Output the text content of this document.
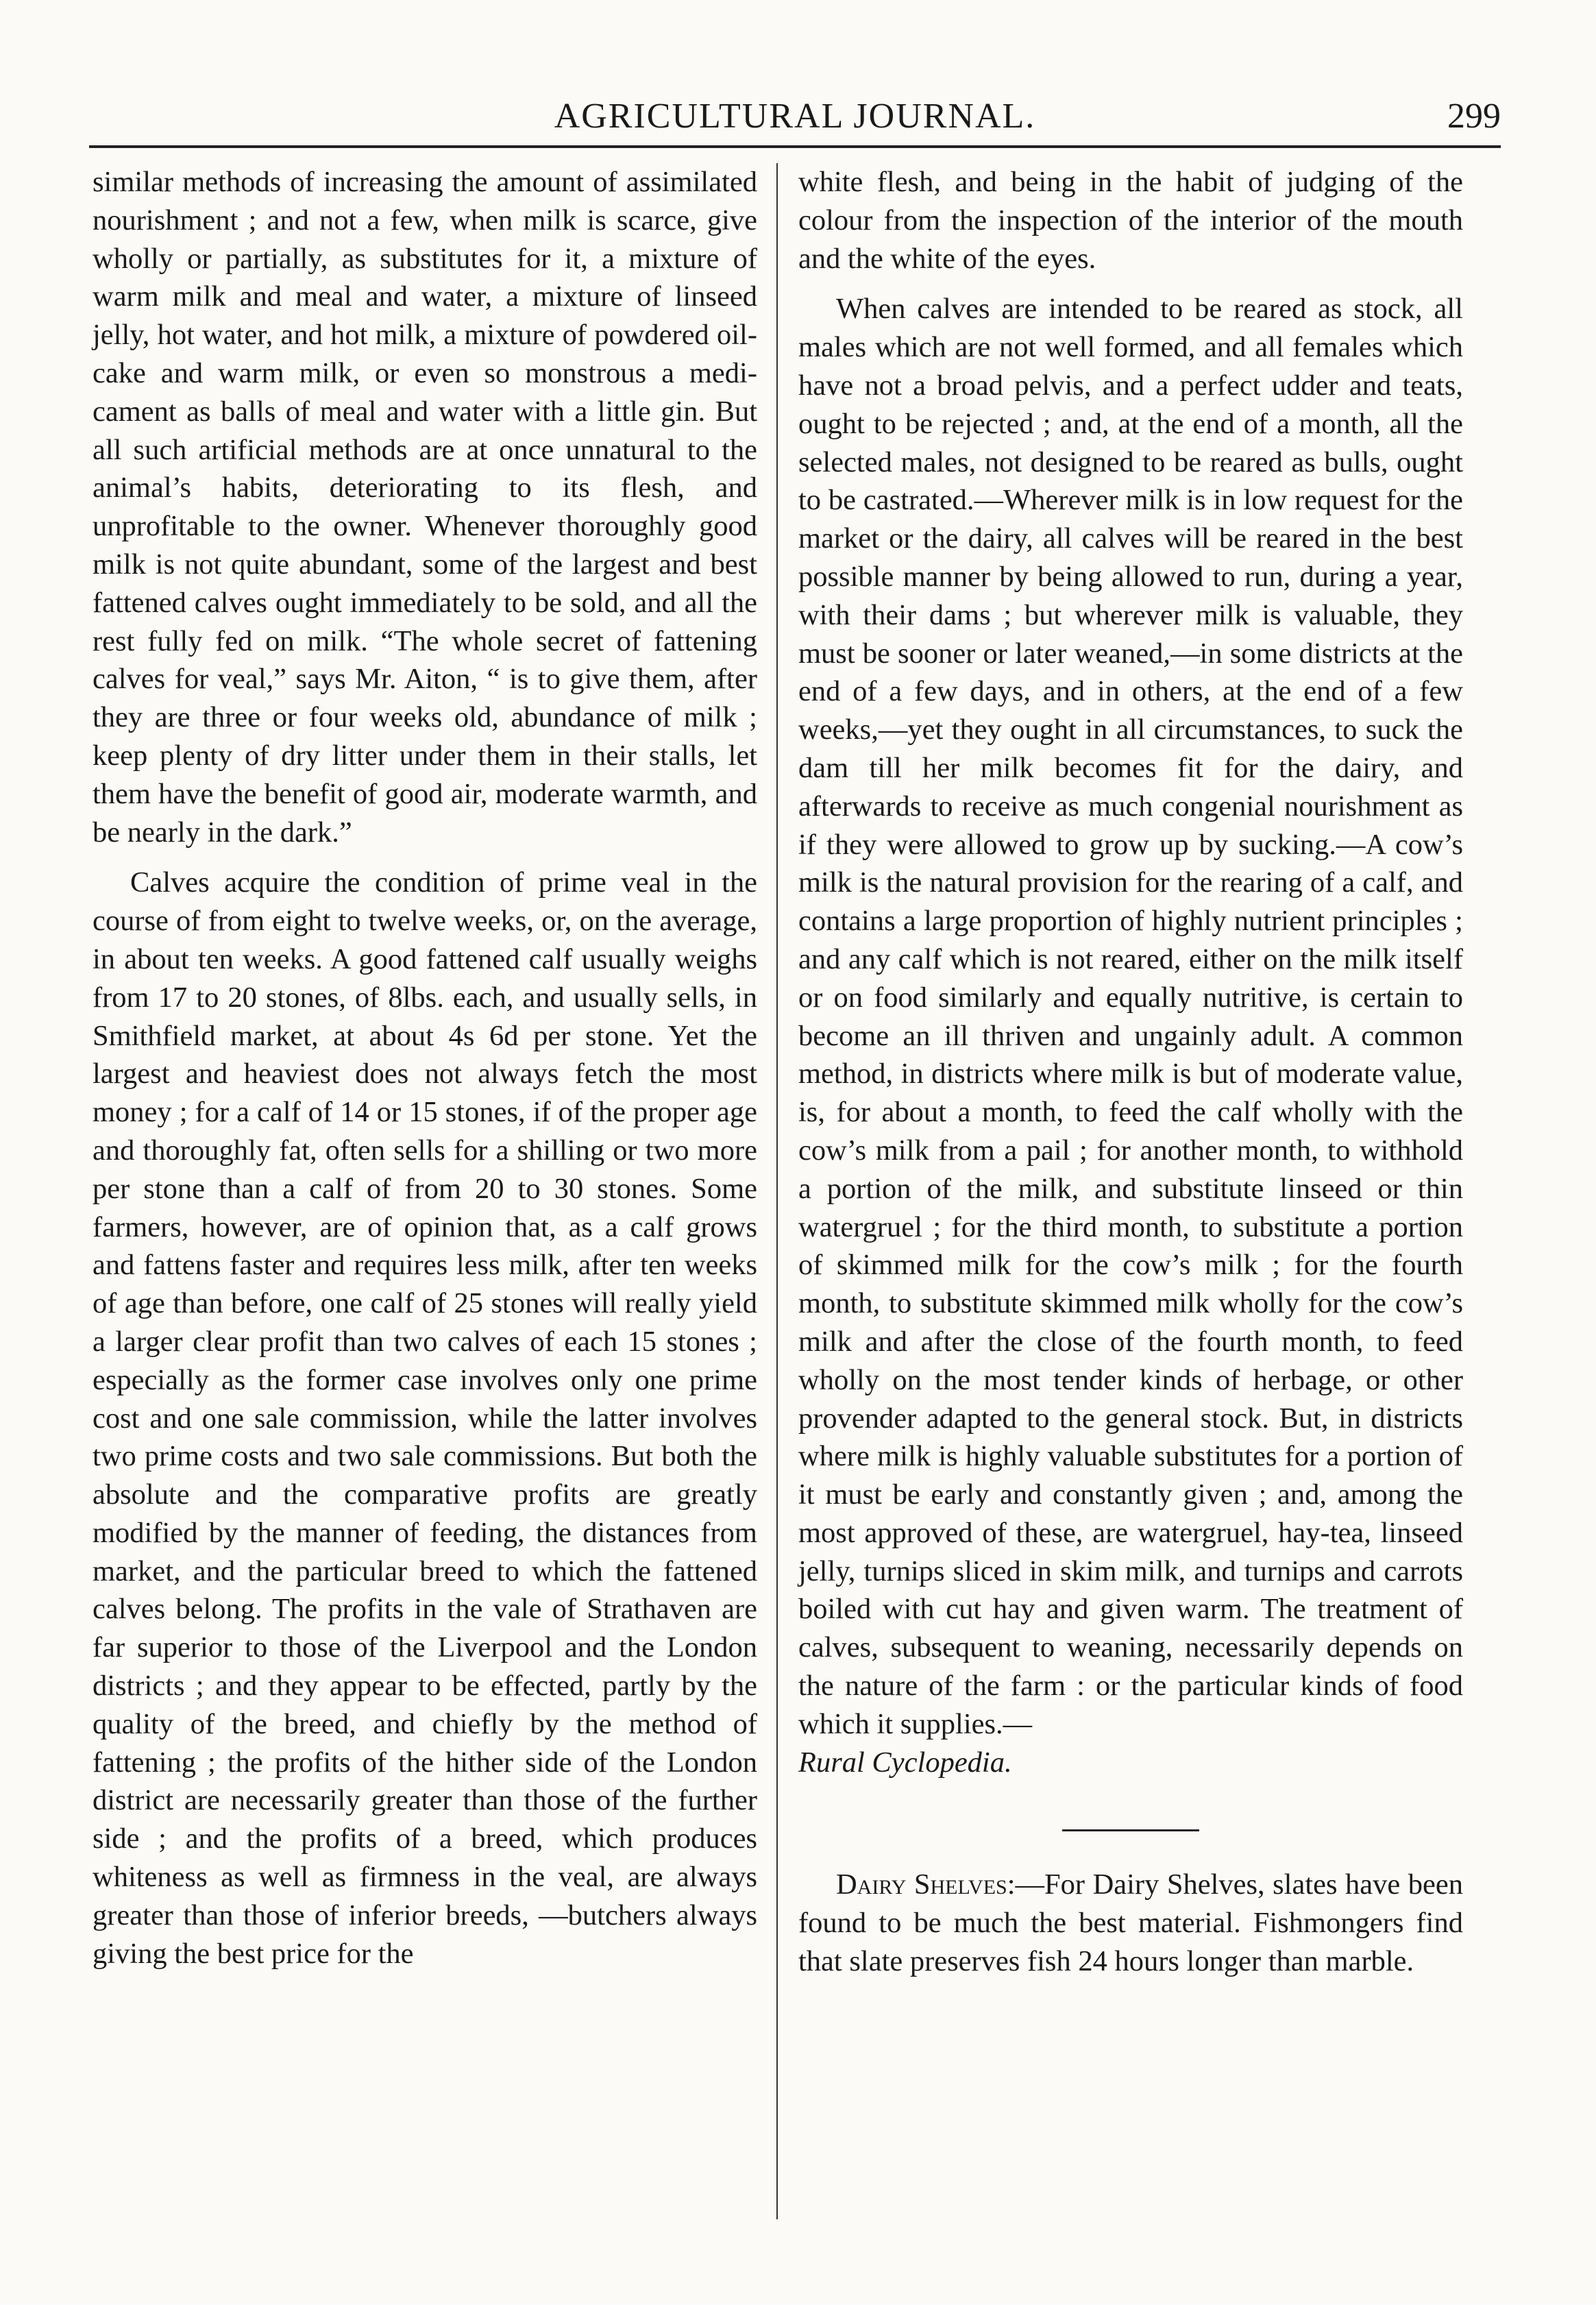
AGRICULTURAL JOURNAL.	299

similar methods of increasing the amount of assimilated nourishment ; and not a few, when milk is scarce, give wholly or partially, as substitutes for it, a mixture of warm milk and meal and water, a mixture of linseed jelly, hot water, and hot milk, a mixture of powdered oil-cake and warm milk, or even so monstrous a medicament as balls of meal and water with a little gin. But all such artificial methods are at once unnatural to the animal’s habits, deteriorating to its flesh, and unprofitable to the owner. Whenever thoroughly good milk is not quite abundant, some of the largest and best fattened calves ought immediately to be sold, and all the rest fully fed on milk. “The whole secret of fattening calves for veal,” says Mr. Aiton, “ is to give them, after they are three or four weeks old, abundance of milk ; keep plenty of dry litter under them in their stalls, let them have the benefit of good air, moderate warmth, and be nearly in the dark.”

Calves acquire the condition of prime veal in the course of from eight to twelve weeks, or, on the average, in about ten weeks. A good fattened calf usually weighs from 17 to 20 stones, of 8lbs. each, and usually sells, in Smithfield market, at about 4s 6d per stone. Yet the largest and heaviest does not always fetch the most money ; for a calf of 14 or 15 stones, if of the proper age and thoroughly fat, often sells for a shilling or two more per stone than a calf of from 20 to 30 stones. Some farmers, however, are of opinion that, as a calf grows and fattens faster and requires less milk, after ten weeks of age than before, one calf of 25 stones will really yield a larger clear profit than two calves of each 15 stones ; especially as the former case involves only one prime cost and one sale commission, while the latter involves two prime costs and two sale commissions. But both the absolute and the comparative profits are greatly modified by the manner of feeding, the distances from market, and the particular breed to which the fattened calves belong. The profits in the vale of Strathaven are far superior to those of the Liverpool and the London districts ; and they appear to be effected, partly by the quality of the breed, and chiefly by the method of fattening ; the profits of the hither side of the London district are necessarily greater than those of the further side ; and the profits of a breed, which produces whiteness as well as firmness in the veal, are always greater than those of inferior breeds, —butchers always giving the best price for the

white flesh, and being in the habit of judging of the colour from the inspection of the interior of the mouth and the white of the eyes.

When calves are intended to be reared as stock, all males which are not well formed, and all females which have not a broad pelvis, and a perfect udder and teats, ought to be rejected ; and, at the end of a month, all the selected males, not designed to be reared as bulls, ought to be castrated.—Wherever milk is in low request for the market or the dairy, all calves will be reared in the best possible manner by being allowed to run, during a year, with their dams ; but wherever milk is valuable, they must be sooner or later weaned,—in some districts at the end of a few days, and in others, at the end of a few weeks,—yet they ought in all circumstances, to suck the dam till her milk becomes fit for the dairy, and afterwards to receive as much congenial nourishment as if they were allowed to grow up by sucking.—A cow’s milk is the natural provision for the rearing of a calf, and contains a large proportion of highly nutrient principles ; and any calf which is not reared, either on the milk itself or on food similarly and equally nutritive, is certain to become an ill thriven and ungainly adult. A common method, in districts where milk is but of moderate value, is, for about a month, to feed the calf wholly with the cow’s milk from a pail ; for another month, to withhold a portion of the milk, and substitute linseed or thin watergruel ; for the third month, to substitute a portion of skimmed milk for the cow’s milk ; for the fourth month, to substitute skimmed milk wholly for the cow’s milk and after the close of the fourth month, to feed wholly on the most tender kinds of herbage, or other provender adapted to the general stock. But, in districts where milk is highly valuable substitutes for a portion of it must be early and constantly given ; and, among the most approved of these, are watergruel, hay-tea, linseed jelly, turnips sliced in skim milk, and turnips and carrots boiled with cut hay and given warm. The treatment of calves, subsequent to weaning, necessarily depends on the nature of the farm : or the particular kinds of food which it supplies.—

Rural Cyclopedia.

Dairy Shelves:—For Dairy Shelves, slates have been found to be much the best material. Fishmongers find that slate preserves fish 24 hours longer than marble.
